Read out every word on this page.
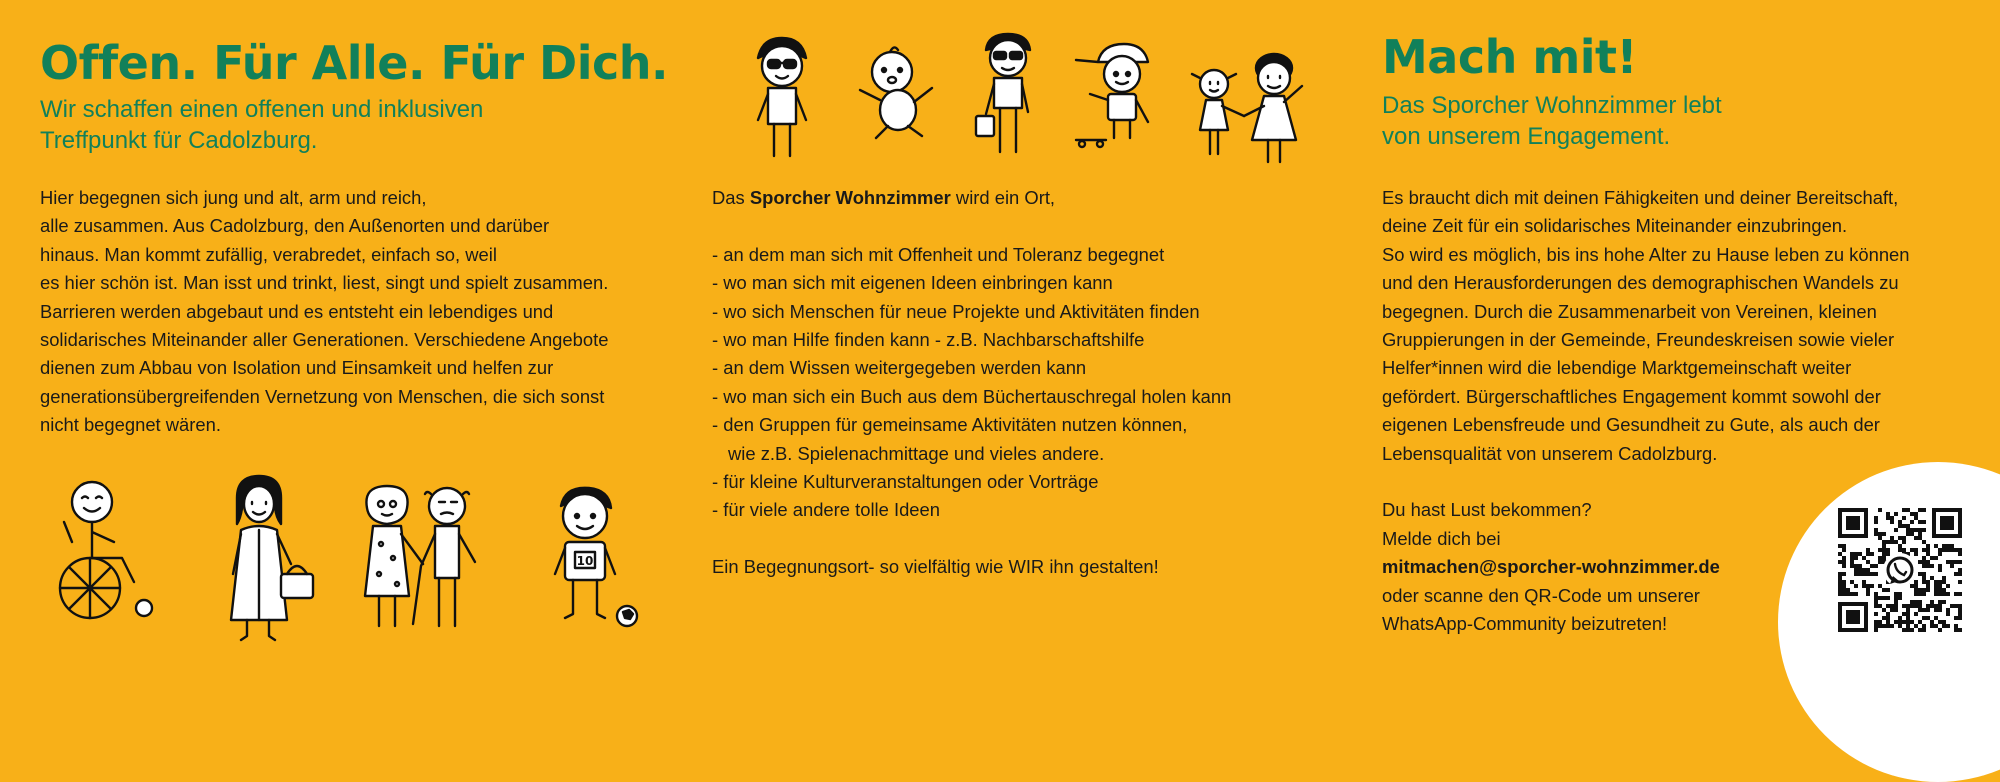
Offen. Für Alle. Für Dich.
Wir schaffen einen offenen und inklusiven
Treffpunkt für Cadolzburg.
Hier begegnen sich jung und alt, arm und reich,
alle zusammen. Aus Cadolzburg, den Außenorten und darüber
hinaus. Man kommt zufällig, verabredet, einfach so, weil
es hier schön ist. Man isst und trinkt, liest, singt und spielt zusammen.
Barrieren werden abgebaut und es entsteht ein lebendiges und
solidarisches Miteinander aller Generationen. Verschiedene Angebote
dienen zum Abbau von Isolation und Einsamkeit und helfen zur
generationsübergreifenden Vernetzung von Menschen, die sich sonst
nicht begegnet wären.
10
Das Sporcher Wohnzimmer wird ein Ort,
- an dem man sich mit Offenheit und Toleranz begegnet
- wo man sich mit eigenen Ideen einbringen kann
- wo sich Menschen für neue Projekte und Aktivitäten finden
- wo man Hilfe finden kann - z.B. Nachbarschaftshilfe
- an dem Wissen weitergegeben werden kann
- wo man sich ein Buch aus dem Büchertauschregal holen kann
- den Gruppen für gemeinsame Aktivitäten nutzen können,
wie z.B. Spielenachmittage und vieles andere.
- für kleine Kulturveranstaltungen oder Vorträge
- für viele andere tolle Ideen
Ein Begegnungsort- so vielfältig wie WIR ihn gestalten!
Mach mit!
Das Sporcher Wohnzimmer lebt
von unserem Engagement.
Es braucht dich mit deinen Fähigkeiten und deiner Bereitschaft,
deine Zeit für ein solidarisches Miteinander einzubringen.
So wird es möglich, bis ins hohe Alter zu Hause leben zu können
und den Herausforderungen des demographischen Wandels zu
begegnen. Durch die Zusammenarbeit von Vereinen, kleinen
Gruppierungen in der Gemeinde, Freundeskreisen sowie vieler
Helfer*innen wird die lebendige Marktgemeinschaft weiter
gefördert. Bürgerschaftliches Engagement kommt sowohl der
eigenen Lebensfreude und Gesundheit zu Gute, als auch der
Lebensqualität von unserem Cadolzburg.
Du hast Lust bekommen?
Melde dich bei
mitmachen@sporcher-wohnzimmer.de
oder scanne den QR-Code um unserer
WhatsApp-Community beizutreten!
